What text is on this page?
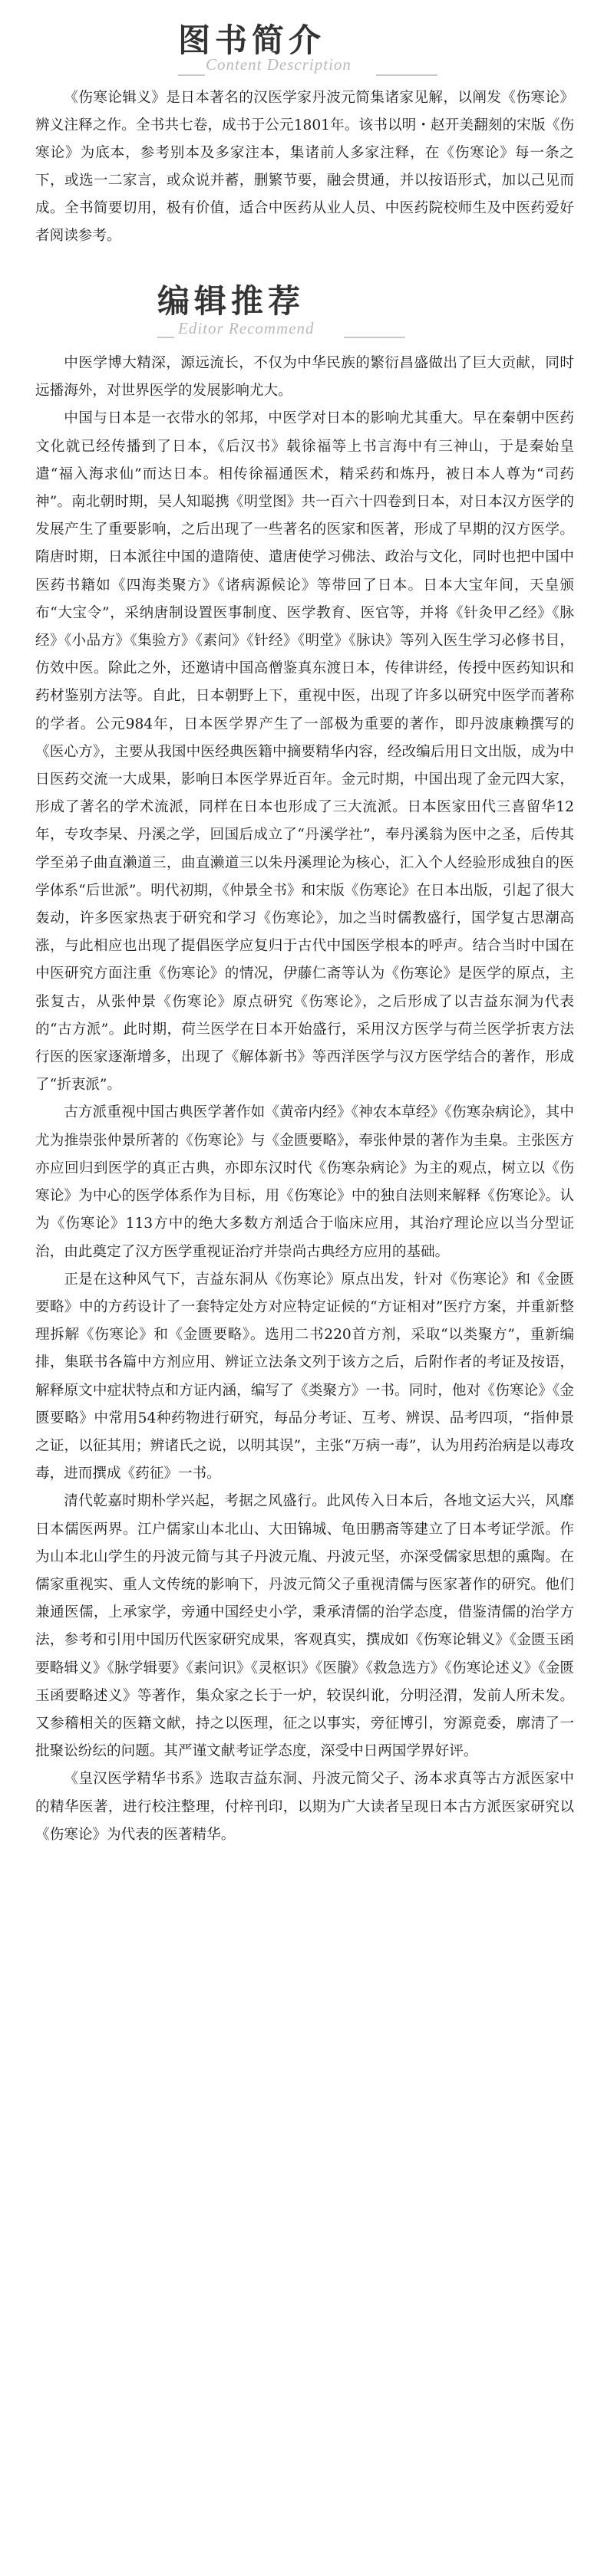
图书简介
Content Description

《伤寒论辑义》是日本著名的汉医学家丹波元简集诸家见解，以阐发《伤寒论》辨义注释之作。全书共七卷，成书于公元1801年。该书以明・赵开美翻刻的宋版《伤寒论》为底本，参考别本及多家注本，集诸前人多家注释，在《伤寒论》每一条之下，或选一二家言，或众说并蓄，删繁节要，融会贯通，并以按语形式，加以己见而成。全书简要切用，极有价值，适合中医药从业人员、中医药院校师生及中医药爱好者阅读参考。

编辑推荐
Editor Recommend

中医学博大精深，源远流长，不仅为中华民族的繁衍昌盛做出了巨大贡献，同时远播海外，对世界医学的发展影响尤大。

中国与日本是一衣带水的邻邦，中医学对日本的影响尤其重大。早在秦朝中医药文化就已经传播到了日本，《后汉书》载徐福等上书言海中有三神山，于是秦始皇遣“福入海求仙”而达日本。相传徐福通医术，精采药和炼丹，被日本人尊为“司药神”。南北朝时期，吴人知聪携《明堂图》共一百六十四卷到日本，对日本汉方医学的发展产生了重要影响，之后出现了一些著名的医家和医著，形成了早期的汉方医学。隋唐时期，日本派往中国的遣隋使、遣唐使学习佛法、政治与文化，同时也把中国中医药书籍如《四海类聚方》《诸病源候论》等带回了日本。日本大宝年间，天皇颁布“大宝令”，采纳唐制设置医事制度、医学教育、医官等，并将《针灸甲乙经》《脉经》《小品方》《集验方》《素问》《针经》《明堂》《脉诀》等列入医生学习必修书目，仿效中医。除此之外，还邀请中国高僧鉴真东渡日本，传律讲经，传授中医药知识和药材鉴别方法等。自此，日本朝野上下，重视中医，出现了许多以研究中医学而著称的学者。公元984年，日本医学界产生了一部极为重要的著作，即丹波康赖撰写的《医心方》，主要从我国中医经典医籍中摘要精华内容，经改编后用日文出版，成为中日医药交流一大成果，影响日本医学界近百年。金元时期，中国出现了金元四大家，形成了著名的学术流派，同样在日本也形成了三大流派。日本医家田代三喜留华12年，专攻李杲、丹溪之学，回国后成立了“丹溪学社”，奉丹溪翁为医中之圣，后传其学至弟子曲直濑道三，曲直濑道三以朱丹溪理论为核心，汇入个人经验形成独自的医学体系“后世派”。明代初期，《仲景全书》和宋版《伤寒论》在日本出版，引起了很大轰动，许多医家热衷于研究和学习《伤寒论》，加之当时儒教盛行，国学复古思潮高涨，与此相应也出现了提倡医学应复归于古代中国医学根本的呼声。结合当时中国在中医研究方面注重《伤寒论》的情况，伊藤仁斋等认为《伤寒论》是医学的原点，主张复古，从张仲景《伤寒论》原点研究《伤寒论》，之后形成了以吉益东洞为代表的“古方派”。此时期，荷兰医学在日本开始盛行，采用汉方医学与荷兰医学折衷方法行医的医家逐渐增多，出现了《解体新书》等西洋医学与汉方医学结合的著作，形成了“折衷派”。

古方派重视中国古典医学著作如《黄帝内经》《神农本草经》《伤寒杂病论》，其中尤为推崇张仲景所著的《伤寒论》与《金匮要略》，奉张仲景的著作为圭臬。主张医方亦应回归到医学的真正古典，亦即东汉时代《伤寒杂病论》为主的观点，树立以《伤寒论》为中心的医学体系作为目标，用《伤寒论》中的独自法则来解释《伤寒论》。认为《伤寒论》113方中的绝大多数方剂适合于临床应用，其治疗理论应以当分型证治，由此奠定了汉方医学重视证治疗并崇尚古典经方应用的基础。

正是在这种风气下，吉益东洞从《伤寒论》原点出发，针对《伤寒论》和《金匮要略》中的方药设计了一套特定处方对应特定证候的“方证相对”医疗方案，并重新整理拆解《伤寒论》和《金匮要略》。选用二书220首方剂，采取“以类聚方”，重新编排，集联书各篇中方剂应用、辨证立法条文列于该方之后，后附作者的考证及按语，解释原文中症状特点和方证内涵，编写了《类聚方》一书。同时，他对《伤寒论》《金匮要略》中常用54种药物进行研究，每品分考证、互考、辨误、品考四项，“指伸景之证，以征其用；辨诸氏之说，以明其误”，主张“万病一毒”，认为用药治病是以毒攻毒，进而撰成《药征》一书。

清代乾嘉时期朴学兴起，考据之风盛行。此风传入日本后，各地文运大兴，风靡日本儒医两界。江户儒家山本北山、大田锦城、龟田鹏斋等建立了日本考证学派。作为山本北山学生的丹波元简与其子丹波元胤、丹波元坚，亦深受儒家思想的熏陶。在儒家重视实、重人文传统的影响下，丹波元简父子重视清儒与医家著作的研究。他们兼通医儒，上承家学，旁通中国经史小学，秉承清儒的治学态度，借鉴清儒的治学方法，参考和引用中国历代医家研究成果，客观真实，撰成如《伤寒论辑义》《金匮玉函要略辑义》《脉学辑要》《素问识》《灵枢识》《医賸》《救急选方》《伤寒论述义》《金匮玉函要略述义》等著作，集众家之长于一炉，较误纠讹，分明泾渭，发前人所未发。又参稽相关的医籍文献，持之以医理，征之以事实，旁征博引，穷源竟委，廓清了一批聚讼纷纭的问题。其严谨文献考证学态度，深受中日两国学界好评。

《皇汉医学精华书系》选取吉益东洞、丹波元简父子、汤本求真等古方派医家中的精华医著，进行校注整理，付梓刊印，以期为广大读者呈现日本古方派医家研究以《伤寒论》为代表的医著精华。
